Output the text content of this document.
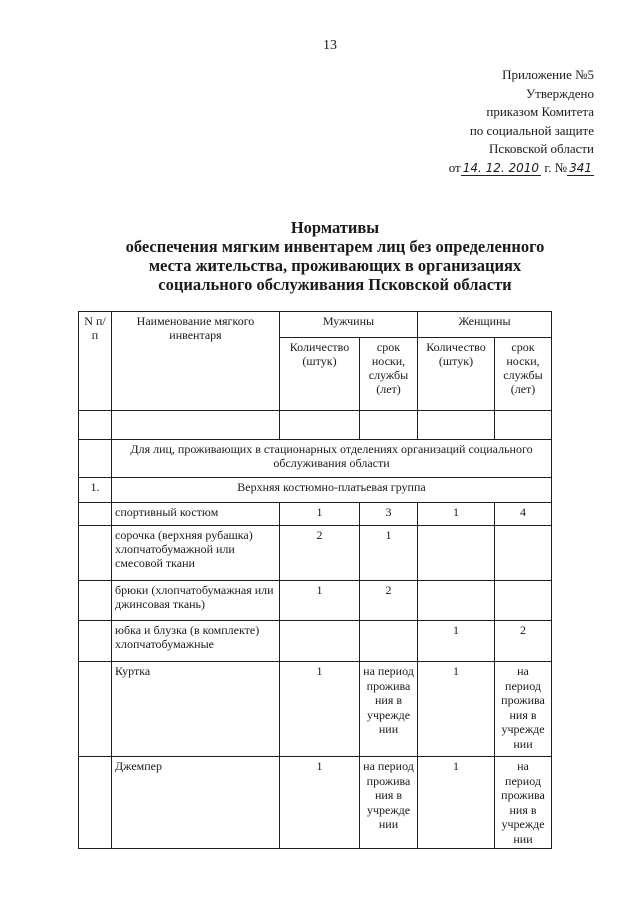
13
Приложение №5
Утверждено
приказом Комитета
по социальной защите
Псковской области
от 14. 12. 2010 г. № 341
Нормативы
обеспечения мягким инвентарем лиц без определенного
места жительства, проживающих в организациях
социального обслуживания Псковской области
N п/п	Наименование мягкого инвентаря	Мужчины		Женщины	
		Количество (штук)	срок носки, службы (лет)	Количество (штук)	срок носки, службы (лет)

	Для лиц, проживающих в стационарных отделениях организаций социального обслуживания области				
1.	Верхняя костюмно-платьевая группа				
	спортивный костюм	1	3	1	4
	сорочка (верхняя рубашка) хлопчатобумажной или смесовой ткани	2	1		
	брюки (хлопчатобумажная или джинсовая ткань)	1	2		
	юбка и блузка (в комплекте) хлопчатобумажные			1	2
	Куртка	1	на период прожива ния в учрежде нии	1	на период прожива ния в учрежде нии
	Джемпер	1	на период прожива ния в учрежде нии	1	на период прожива ния в учрежде нии
